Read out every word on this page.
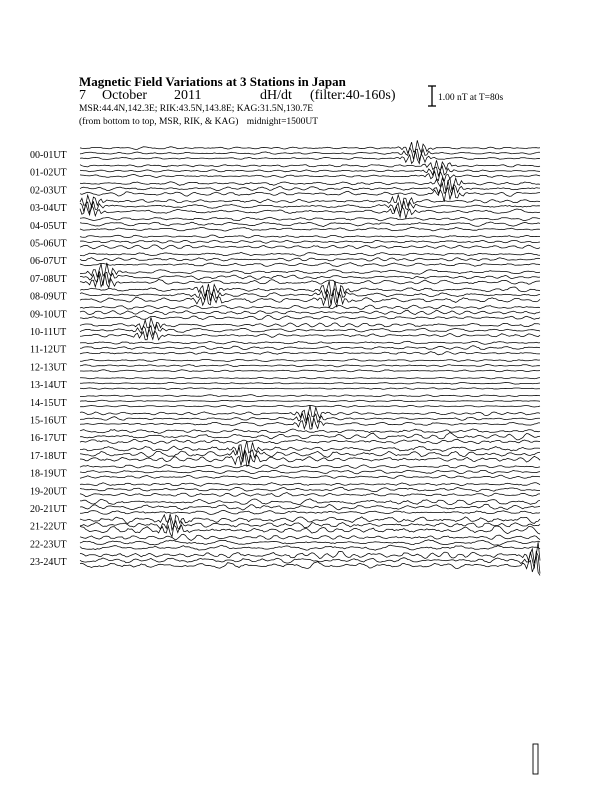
Magnetic Field Variations at 3 Stations in Japan
7 October 2011	dH/dt (filter:40-160s)
MSR:44.4N,142.3E; RIK:43.5N,143.8E; KAG:31.5N,130.7E
(from bottom to top, MSR, RIK, & KAG) midnight=1500UT
1.00 nT at T=80s
00-01UT
01-02UT
02-03UT
03-04UT
04-05UT
05-06UT
06-07UT
07-08UT
08-09UT
09-10UT
10-11UT
11-12UT
12-13UT
13-14UT
14-15UT
15-16UT
16-17UT
17-18UT
18-19UT
19-20UT
20-21UT
21-22UT
22-23UT
23-24UT
